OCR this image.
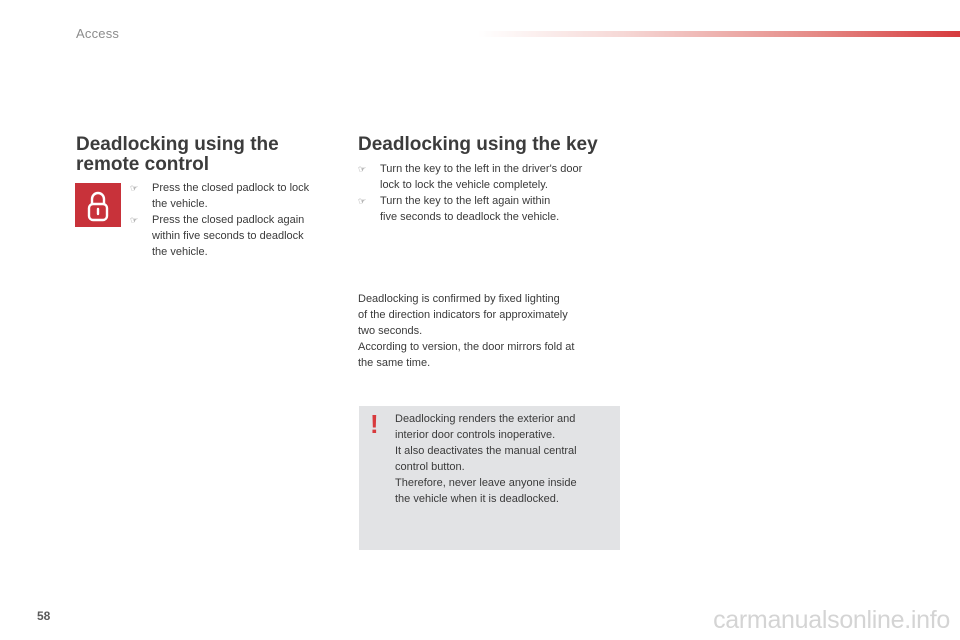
Access
Deadlocking using the
remote control
☞ Press the closed padlock to lock
the vehicle.
☞ Press the closed padlock again
within five seconds to deadlock
the vehicle.
Deadlocking using the key
☞ Turn the key to the left in the driver's door
lock to lock the vehicle completely.
☞ Turn the key to the left again within
five seconds to deadlock the vehicle.

Deadlocking is confirmed by fixed lighting

of the direction indicators for approximately

two seconds.

According to version, the door mirrors fold at

the same time.

! Deadlocking renders the exterior and

interior door controls inoperative.

It also deactivates the manual central

control button.

Therefore, never leave anyone inside

the vehicle when it is deadlocked.

58	carmanualsonline.info
